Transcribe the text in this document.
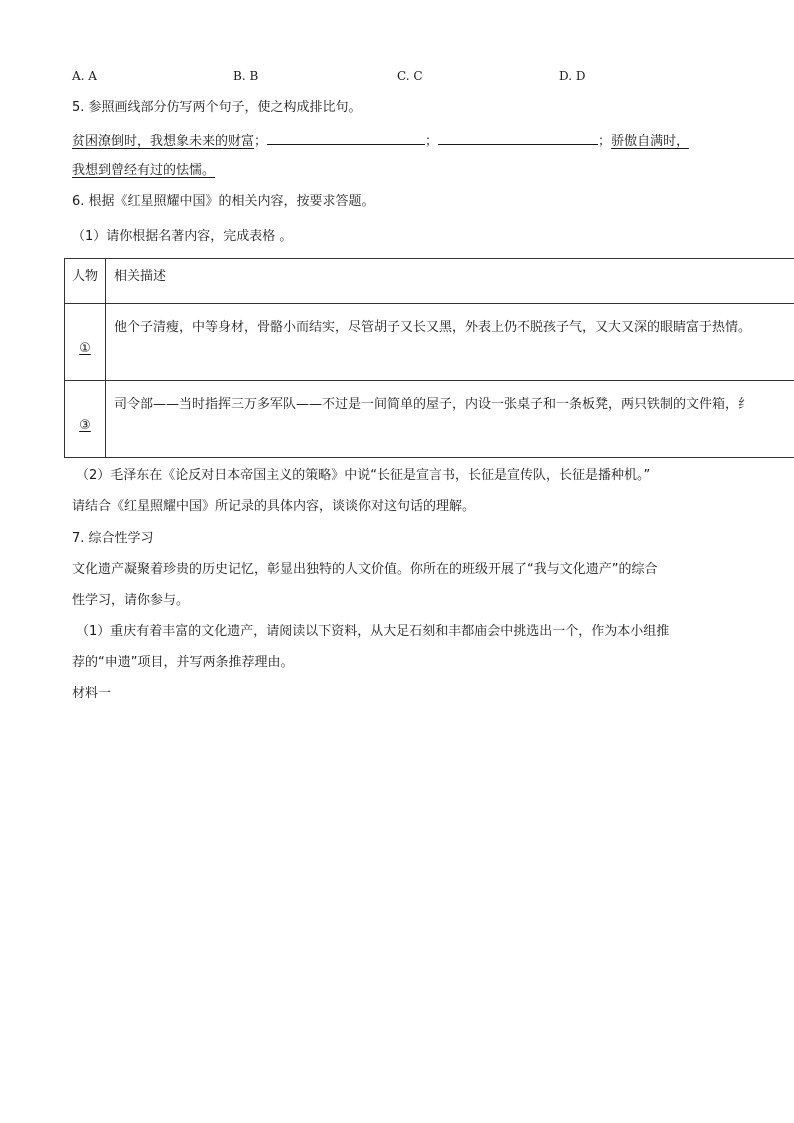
A. A	B. B	C. C	D. D
5. 参照画线部分仿写两个句子，使之构成排比句。
贫困潦倒时，我想象未来的财富；	；	；骄傲自满时，
我想到曾经有过的怯懦。
6. 根据《红星照耀中国》的相关内容，按要求答题。
（1）请你根据名著内容，完成表格 。
人物	相关描述
①	他个子清瘦，中等身材，骨骼小而结实，尽管胡子又长又黑，外表上仍不脱孩子气，又大又深的眼睛富于热情。
③	司令部——当时指挥三万多军队——不过是一间简单的屋子，内设一张桌子和一条板凳，两只铁制的文件箱，纟
（2）毛泽东在《论反对日本帝国主义的策略》中说“长征是宣言书，长征是宣传队，长征是播种机。”
请结合《红星照耀中国》所记录的具体内容，谈谈你对这句话的理解。
7. 综合性学习
文化遗产凝聚着珍贵的历史记忆，彰显出独特的人文价值。你所在的班级开展了“我与文化遗产”的综合
性学习，请你参与。
（1）重庆有着丰富的文化遗产，请阅读以下资料，从大足石刻和丰都庙会中挑选出一个，作为本小组推
荐的“申遗”项目，并写两条推荐理由。
材料一
